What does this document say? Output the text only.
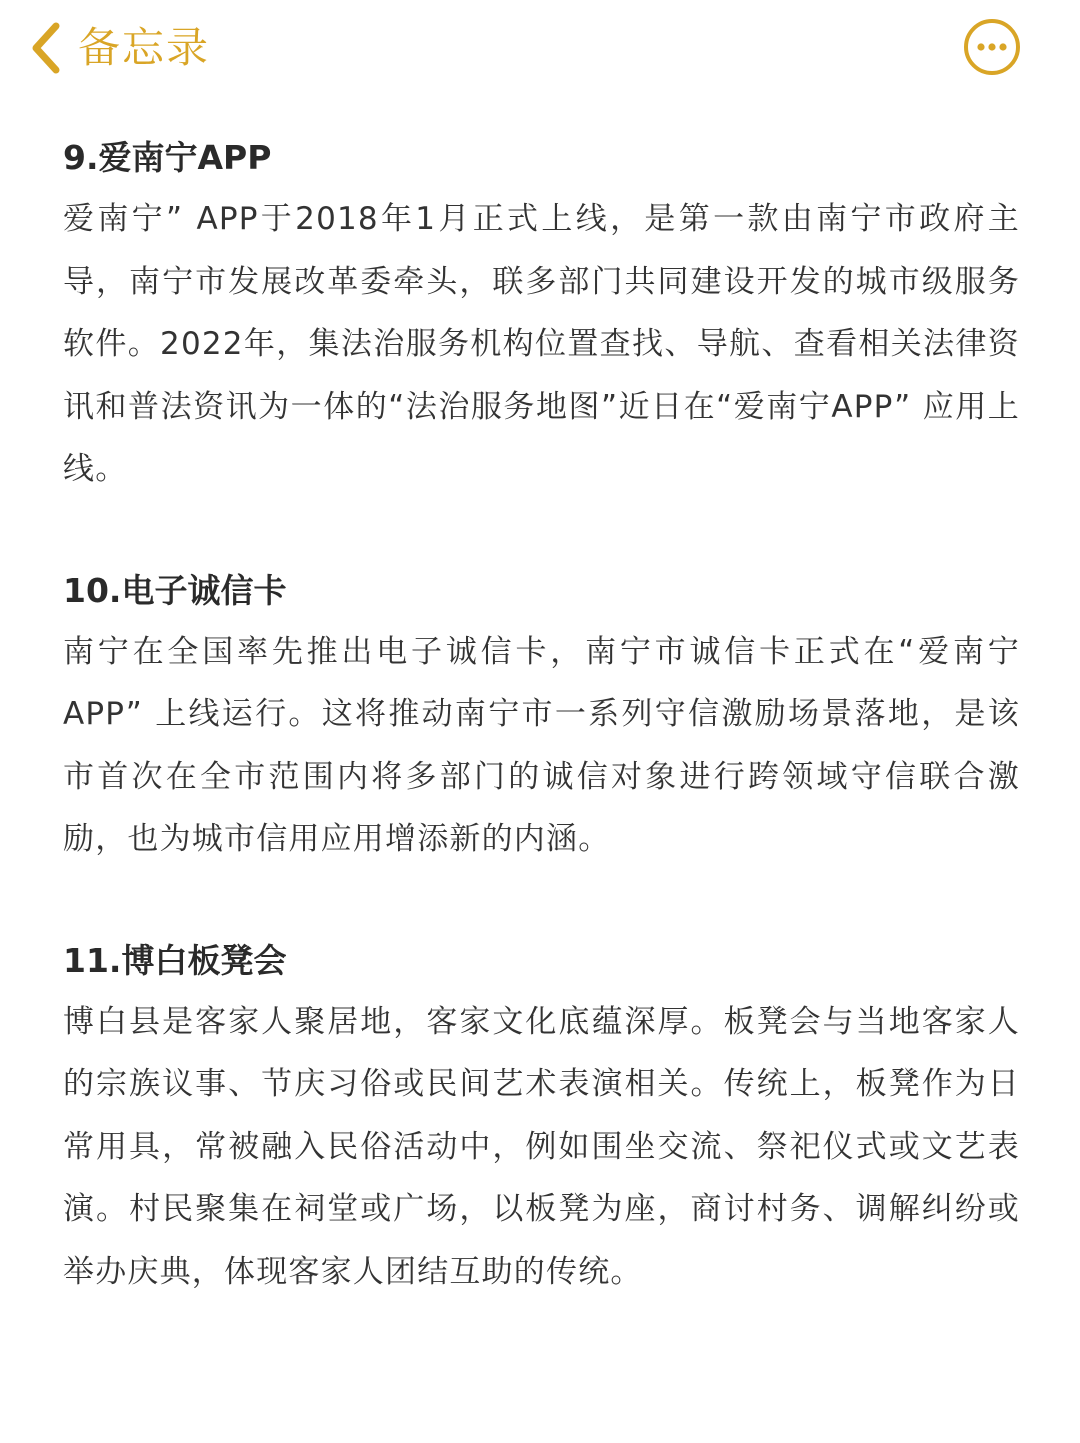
备忘录

9.爱南宁APP

爱南宁” APP于2018年1月正式上线，是第一款由南宁市政府主导，南宁市发展改革委牵头，联多部门共同建设开发的城市级服务软件。2022年，集法治服务机构位置查找、导航、查看相关法律资讯和普法资讯为一体的“法治服务地图”近日在“爱南宁APP” 应用上线。

10.电子诚信卡

南宁在全国率先推出电子诚信卡，南宁市诚信卡正式在“爱南宁APP” 上线运行。这将推动南宁市一系列守信激励场景落地，是该市首次在全市范围内将多部门的诚信对象进行跨领域守信联合激励，也为城市信用应用增添新的内涵。

11.博白板凳会

博白县是客家人聚居地，客家文化底蕴深厚。板凳会与当地客家人的宗族议事、节庆习俗或民间艺术表演相关。传统上，板凳作为日常用具，常被融入民俗活动中，例如围坐交流、祭祀仪式或文艺表演。村民聚集在祠堂或广场，以板凳为座，商讨村务、调解纠纷或举办庆典，体现客家人团结互助的传统。
